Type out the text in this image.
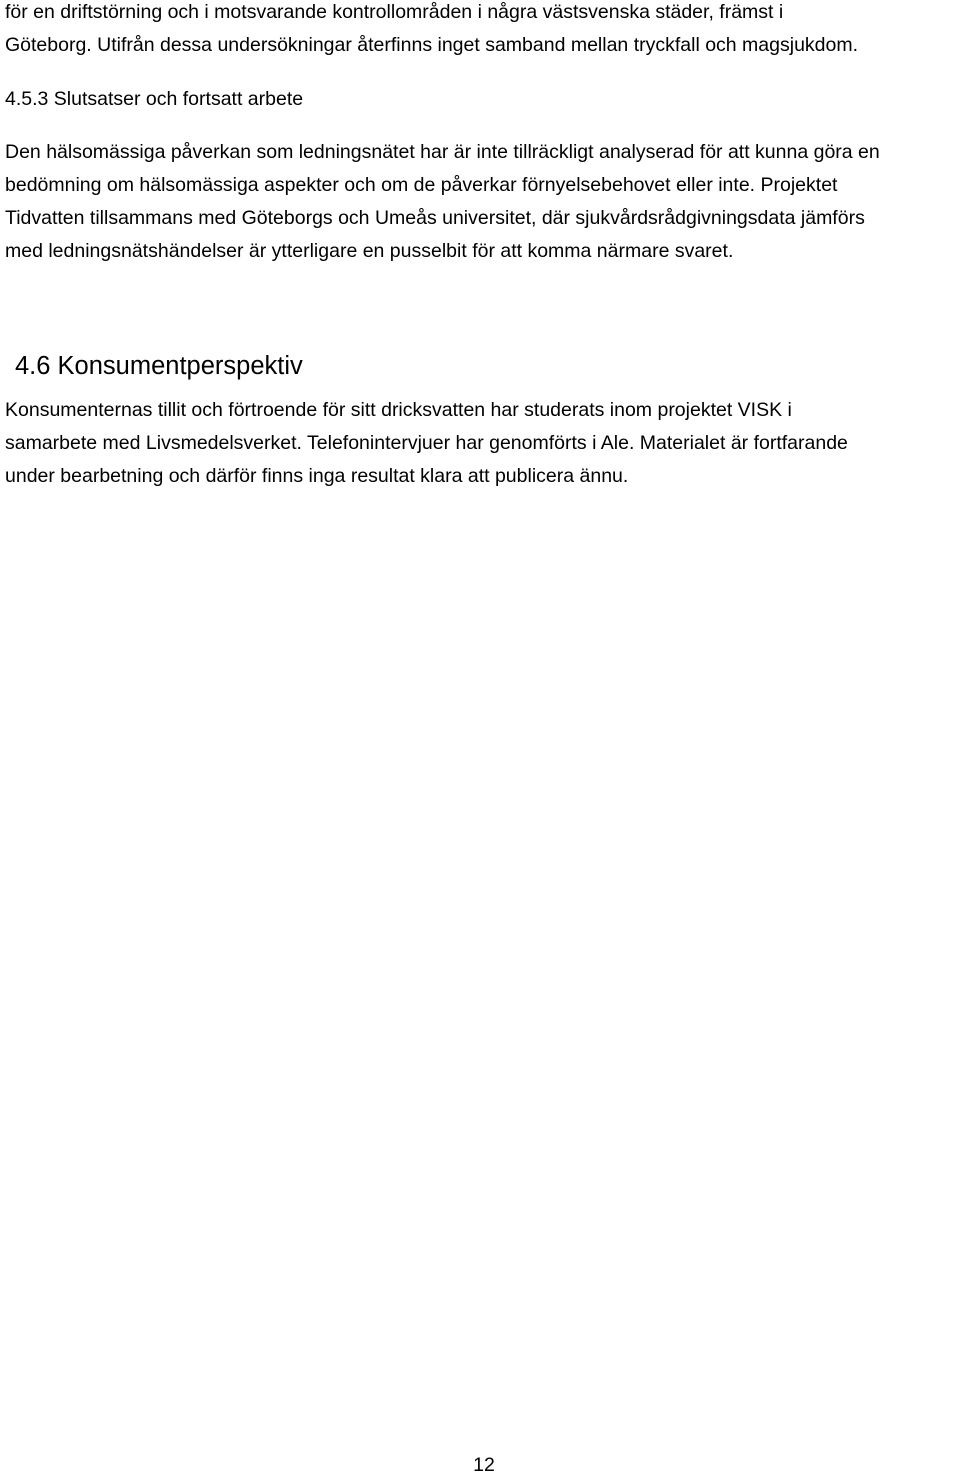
för en driftstörning och i motsvarande kontrollområden i några västsvenska städer, främst i
Göteborg. Utifrån dessa undersökningar återfinns inget samband mellan tryckfall och magsjukdom.
4.5.3 Slutsatser och fortsatt arbete
Den hälsomässiga påverkan som ledningsnätet har är inte tillräckligt analyserad för att kunna göra en
bedömning om hälsomässiga aspekter och om de påverkar förnyelsebehovet eller inte. Projektet
Tidvatten tillsammans med Göteborgs och Umeås universitet, där sjukvårdsrådgivningsdata jämförs
med ledningsnätshändelser är ytterligare en pusselbit för att komma närmare svaret.
4.6 Konsumentperspektiv
Konsumenternas tillit och förtroende för sitt dricksvatten har studerats inom projektet VISK i
samarbete med Livsmedelsverket. Telefonintervjuer har genomförts i Ale. Materialet är fortfarande
under bearbetning och därför finns inga resultat klara att publicera ännu.
12
